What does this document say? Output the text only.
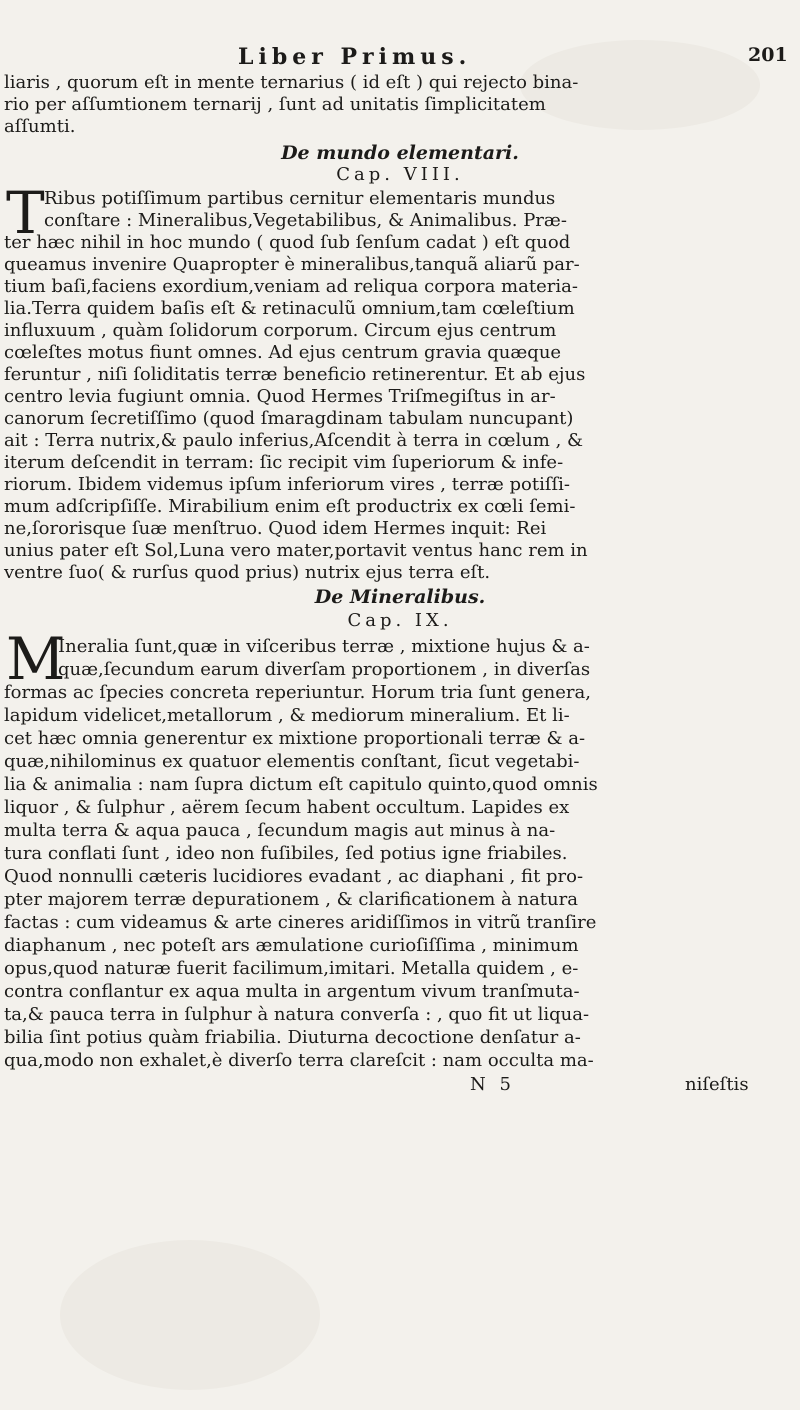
Liber Primus.	201
liaris , quorum eſt in mente ternarius ( id eſt ) qui rejecto bina-
rio per aſſumtionem ternarij , ſunt ad unitatis ſimplicitatem
aſſumti.
De mundo elementari.
Cap. VIII.
T Ribus potiſſimum partibus cernitur elementaris mundus
conſtare : Mineralibus,Vegetabilibus, & Animalibus. Præ-
ter hæc nihil in hoc mundo ( quod ſub ſenſum cadat ) eſt quod
queamus invenire Quapropter è mineralibus,tanquã aliarũ par-
tium baſi,faciens exordium,veniam ad reliqua corpora materia-
lia.Terra quidem baſis eſt & retinaculũ omnium,tam cœleſtium
influxuum , quàm ſolidorum corporum. Circum ejus centrum
cœleſtes motus fiunt omnes. Ad ejus centrum gravia quæque
feruntur , niſi ſoliditatis terræ beneficio retinerentur. Et ab ejus
centro levia fugiunt omnia. Quod Hermes Triſmegiſtus in ar-
canorum ſecretiſſimo (quod ſmaragdinam tabulam nuncupant)
ait : Terra nutrix,& paulo inferius,Aſcendit à terra in cœlum , &
iterum deſcendit in terram: ſic recipit vim ſuperiorum & infe-
riorum. Ibidem videmus ipſum inferiorum vires , terræ potiſſi-
mum adſcripſiſſe. Mirabilium enim eſt productrix ex cœli ſemi-
ne,ſororisque ſuæ menſtruo. Quod idem Hermes inquit: Rei
unius pater eſt Sol,Luna vero mater,portavit ventus hanc rem in
ventre ſuo( & rurſus quod prius) nutrix ejus terra eſt.
De Mineralibus.
Cap. IX.
M
Ineralia ſunt,quæ in viſceribus terræ , mixtione hujus & a-
quæ,ſecundum earum diverſam proportionem , in diverſas
formas ac ſpecies concreta reperiuntur. Horum tria ſunt genera,
lapidum videlicet,metallorum , & mediorum mineralium. Et li-
cet hæc omnia generentur ex mixtione proportionali terræ & a-
quæ,nihilominus ex quatuor elementis conſtant, ſicut vegetabi-
lia & animalia : nam ſupra dictum eſt capitulo quinto,quod omnis
liquor , & ſulphur , aërem ſecum habent occultum. Lapides ex
multa terra & aqua pauca , ſecundum magis aut minus à na-
tura conflati ſunt , ideo non fuſibiles, ſed potius igne friabiles.
Quod nonnulli cæteris lucidiores evadant , ac diaphani , fit pro-
pter majorem terræ depurationem , & clarificationem à natura
factas : cum videamus & arte cineres aridiſſimos in vitrũ tranſire
diaphanum , nec poteſt ars æmulatione curioſiſſima , minimum
opus,quod naturæ fuerit facilimum,imitari. Metalla quidem , e-
contra conflantur ex aqua multa in argentum vivum tranſmuta-
ta,& pauca terra in ſulphur à natura converſa : , quo fit ut liqua-
bilia ſint potius quàm friabilia. Diuturna decoctione denſatur a-
qua,modo non exhalet,è diverſo terra clareſcit : nam occulta ma-
N 5	niſeſtis
